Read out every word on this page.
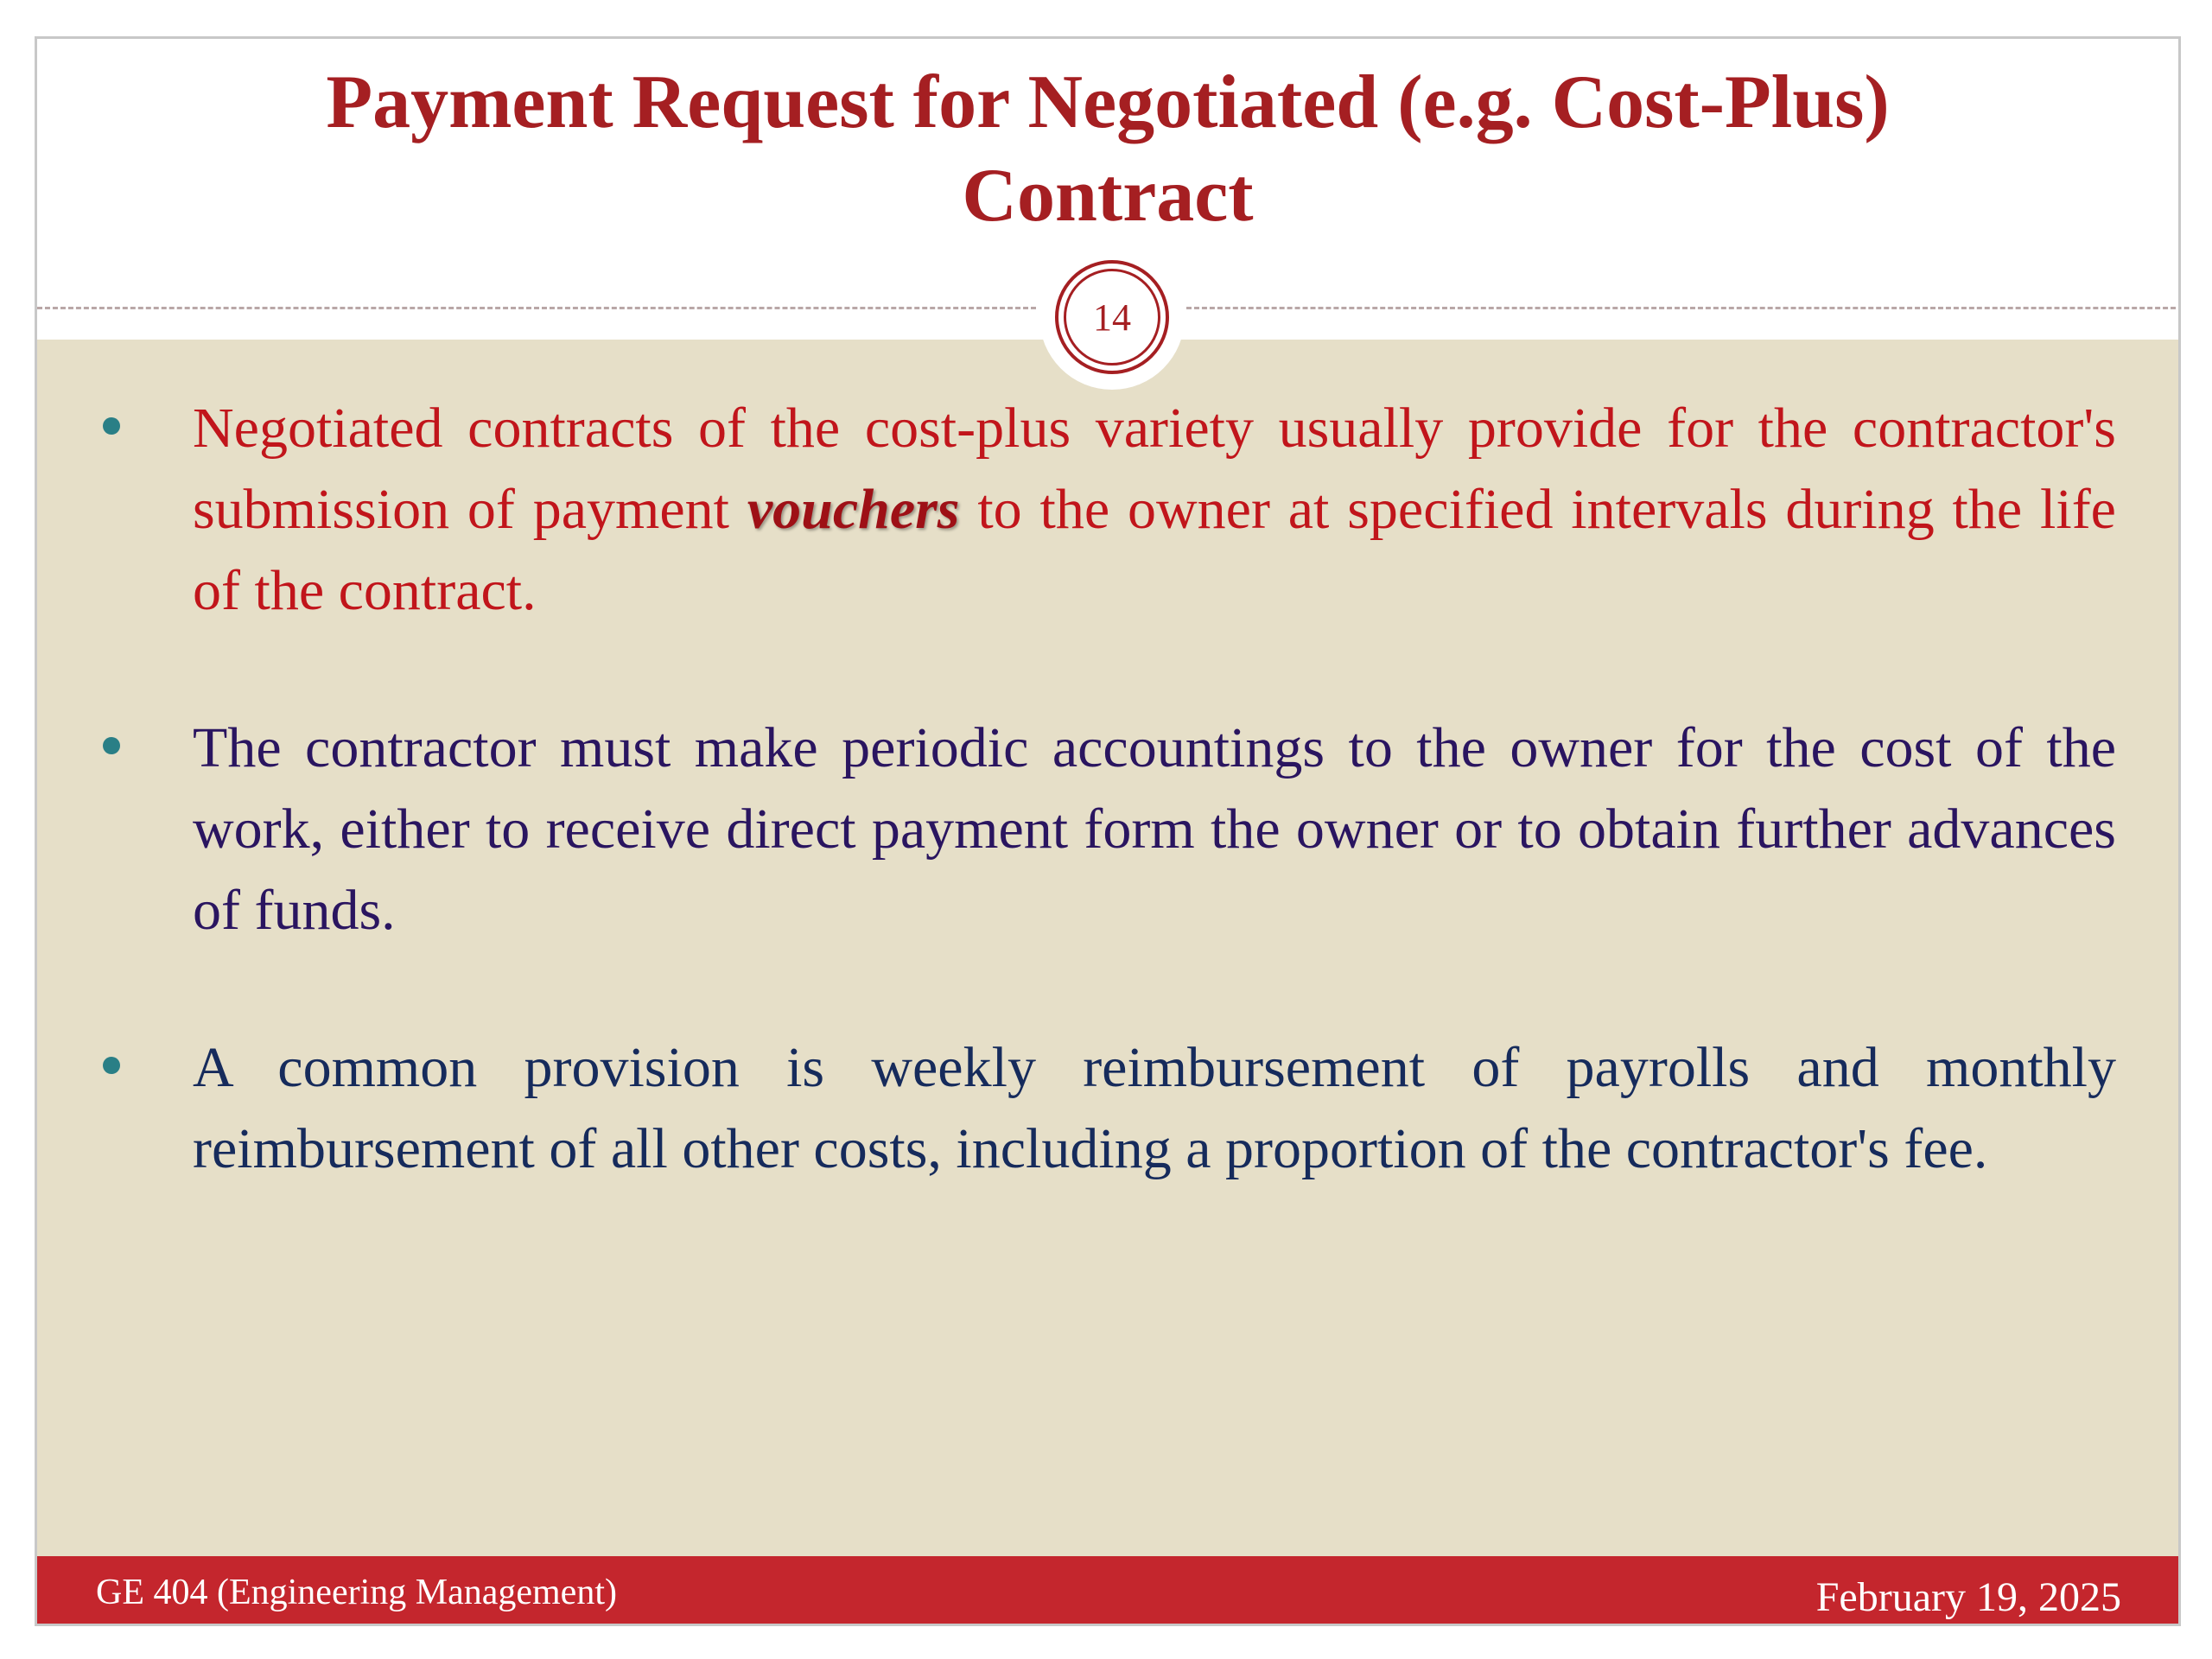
Payment Request for Negotiated (e.g. Cost-Plus)
Contract
14
Negotiated contracts of the cost-plus variety usually provide for the contractor's submission of payment vouchers to the owner at specified intervals during the life of the contract.
The contractor must make periodic accountings to the owner for the cost of the work, either to receive direct payment form the owner or to obtain further advances of funds.
A common provision is weekly reimbursement of payrolls and monthly reimbursement of all other costs, including a proportion of the contractor's fee.
GE 404 (Engineering Management)	February 19, 2025
